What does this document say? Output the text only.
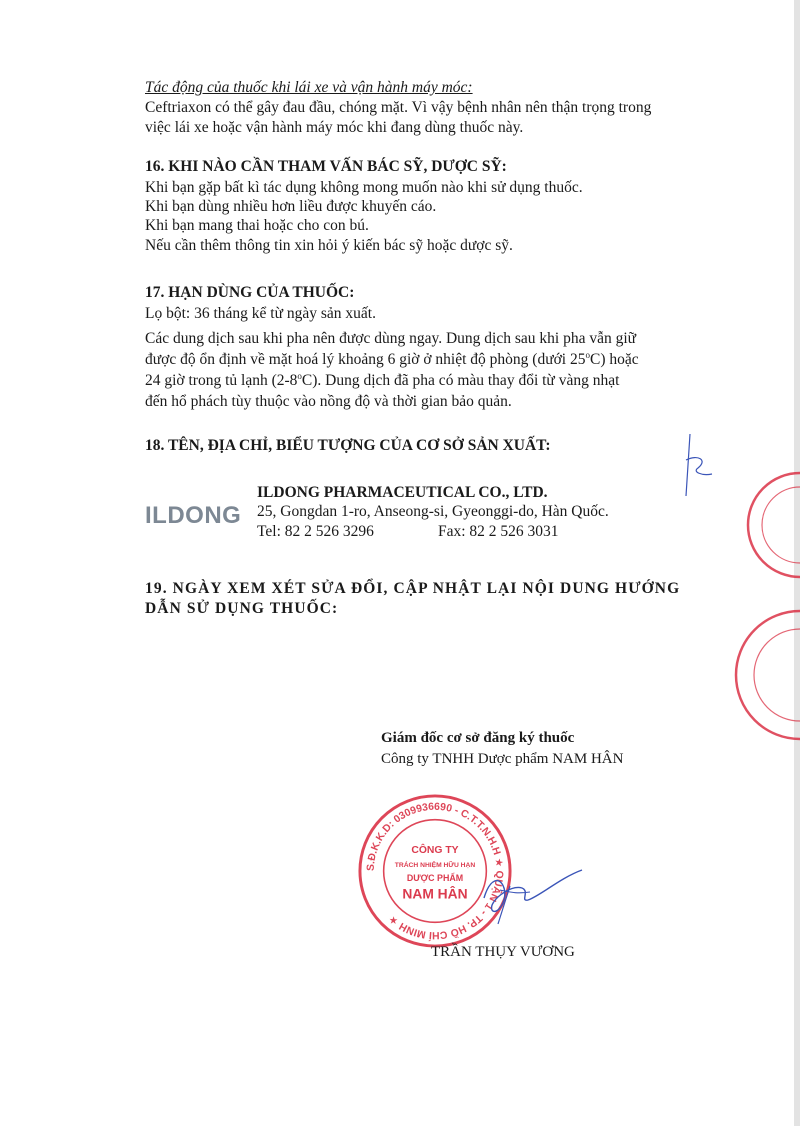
Tác động của thuốc khi lái xe và vận hành máy móc:
Ceftriaxon có thể gây đau đầu, chóng mặt. Vì vậy bệnh nhân nên thận trọng trong
việc lái xe hoặc vận hành máy móc khi đang dùng thuốc này.
16. KHI NÀO CẦN THAM VẤN BÁC SỸ, DƯỢC SỸ:
Khi bạn gặp bất kì tác dụng không mong muốn nào khi sử dụng thuốc.
Khi bạn dùng nhiều hơn liều được khuyến cáo.
Khi bạn mang thai hoặc cho con bú.
Nếu cần thêm thông tin xin hỏi ý kiến bác sỹ hoặc dược sỹ.
17. HẠN DÙNG CỦA THUỐC:
Lọ bột: 36 tháng kể từ ngày sản xuất.
Các dung dịch sau khi pha nên được dùng ngay. Dung dịch sau khi pha vẫn giữ
được độ ổn định về mặt hoá lý khoảng 6 giờ ở nhiệt độ phòng (dưới 25$^o$C) hoặc
24 giờ trong tủ lạnh (2-8$^o$C). Dung dịch đã pha có màu thay đổi từ vàng nhạt
đến hổ phách tùy thuộc vào nồng độ và thời gian bảo quản.
18. TÊN, ĐỊA CHỈ, BIỂU TƯỢNG CỦA CƠ SỞ SẢN XUẤT:
ILDONG
ILDONG PHARMACEUTICAL CO., LTD.
25, Gongdan 1-ro, Anseong-si, Gyeonggi-do, Hàn Quốc.
Tel: 82 2 526 3296	Fax: 82 2 526 3031
19. NGÀY XEM XÉT SỬA ĐỔI, CẬP NHẬT LẠI NỘI DUNG HƯỚNG
DẪN SỬ DỤNG THUỐC:
Giám đốc cơ sở đăng ký thuốc
Công ty TNHH Dược phẩm NAM HÂN
S.Đ.K.K.D: 0309936690 - C.T.T.N.H.H ★ QUẬN 1 - TP. HỒ CHÍ MINH ★
CÔNG TY
TRÁCH NHIỆM HỮU HẠN
DƯỢC PHẨM
NAM HÂN
TRẦN THỤY VƯƠNG
